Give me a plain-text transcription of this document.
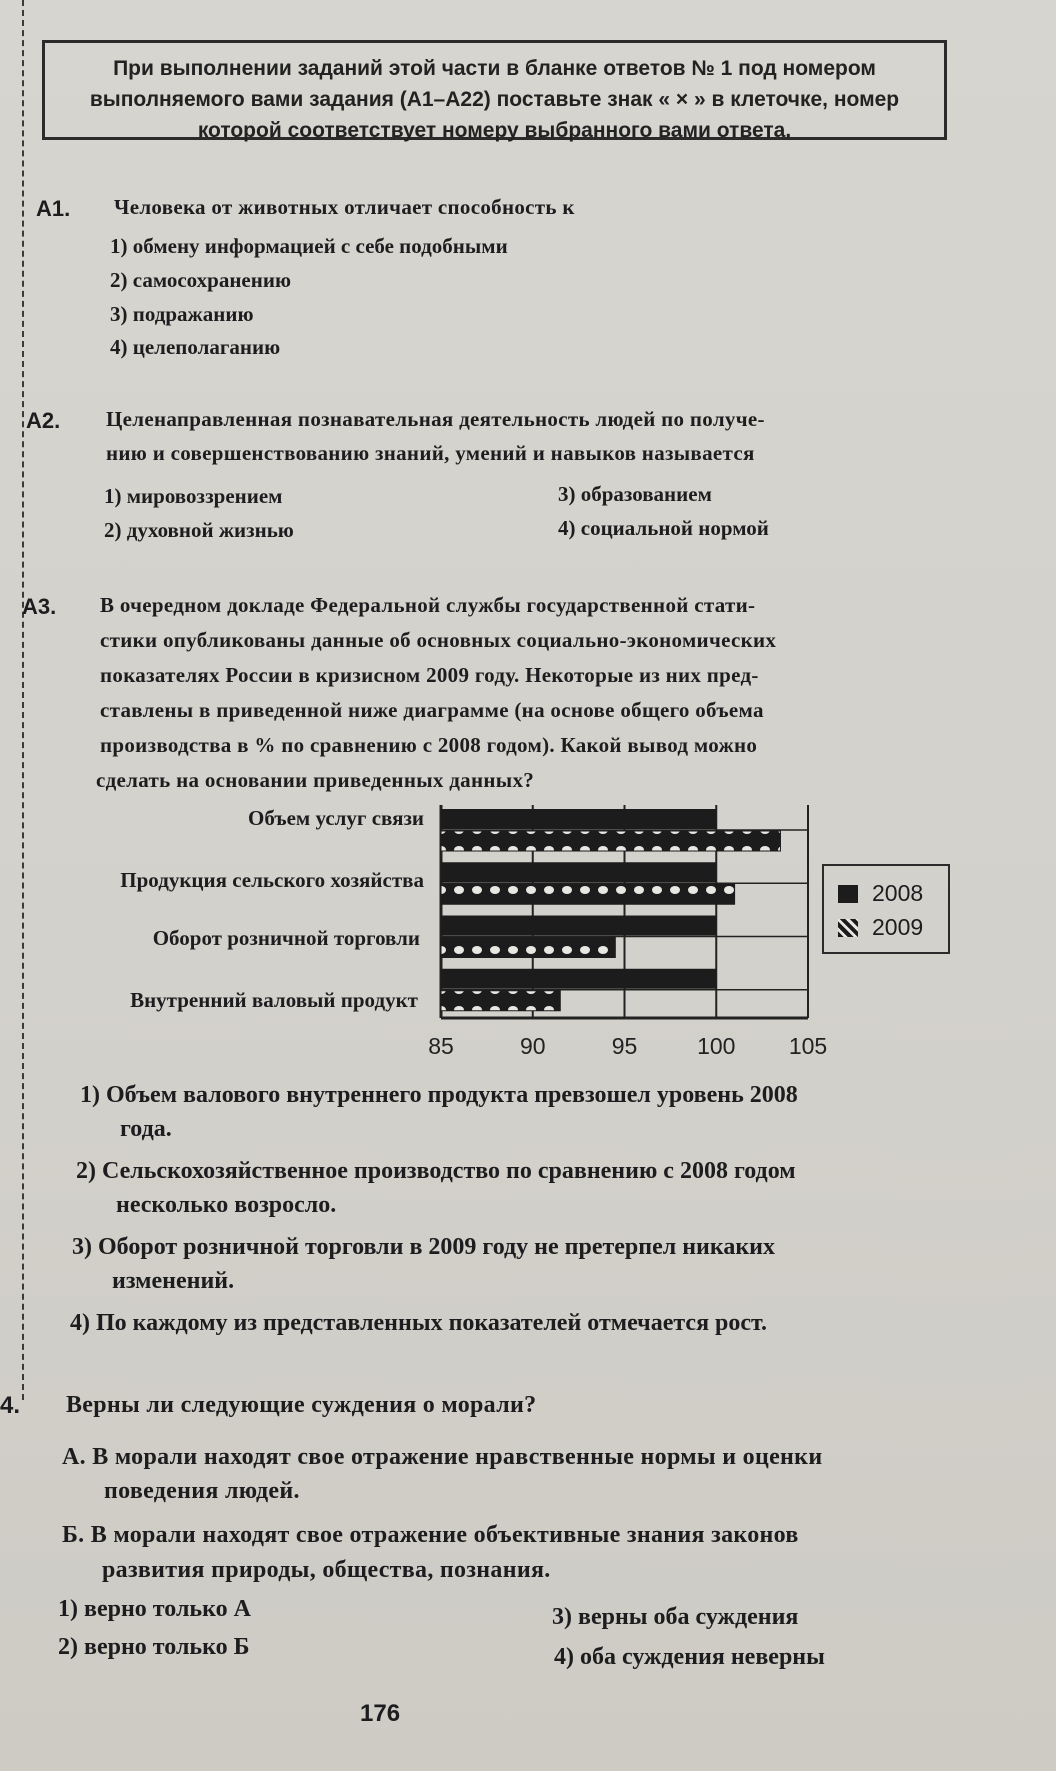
При выполнении заданий этой части в бланке ответов № 1 под номером выполняемого вами задания (А1–А22) поставьте знак « × » в клеточке, номер которой соответствует номеру выбранного вами ответа.
А1. Человека от животных отличает способность к
1) обмену информацией с себе подобными
2) самосохранению
3) подражанию
4) целеполаганию
А2. Целенаправленная познавательная деятельность людей по получе-
нию и совершенствованию знаний, умений и навыков называется
1) мировоззрением	3) образованием
2) духовной жизнью	4) социальной нормой
А3. В очередном докладе Федеральной службы государственной стати-
стики опубликованы данные об основных социально-экономических
показателях России в кризисном 2009 году. Некоторые из них пред-
ставлены в приведенной ниже диаграмме (на основе общего объема
производства в % по сравнению с 2008 годом). Какой вывод можно
сделать на основании приведенных данных?
Объем услуг связи
Продукция сельского хозяйства
Оборот розничной торговли
Внутренний валовый продукт
85	90	95	100 105
2008
2009
1) Объем валового внутреннего продукта превзошел уровень 2008
года.
2) Сельскохозяйственное производство по сравнению с 2008 годом
несколько возросло.
3) Оборот розничной торговли в 2009 году не претерпел никаких
изменений.
4) По каждому из представленных показателей отмечается рост.
4. Верны ли следующие суждения о морали?
А. В морали находят свое отражение нравственные нормы и оценки
поведения людей.
Б. В морали находят свое отражение объективные знания законов
развития природы, общества, познания.
1) верно только А	3) верны оба суждения
2) верно только Б	4) оба суждения неверны
176
